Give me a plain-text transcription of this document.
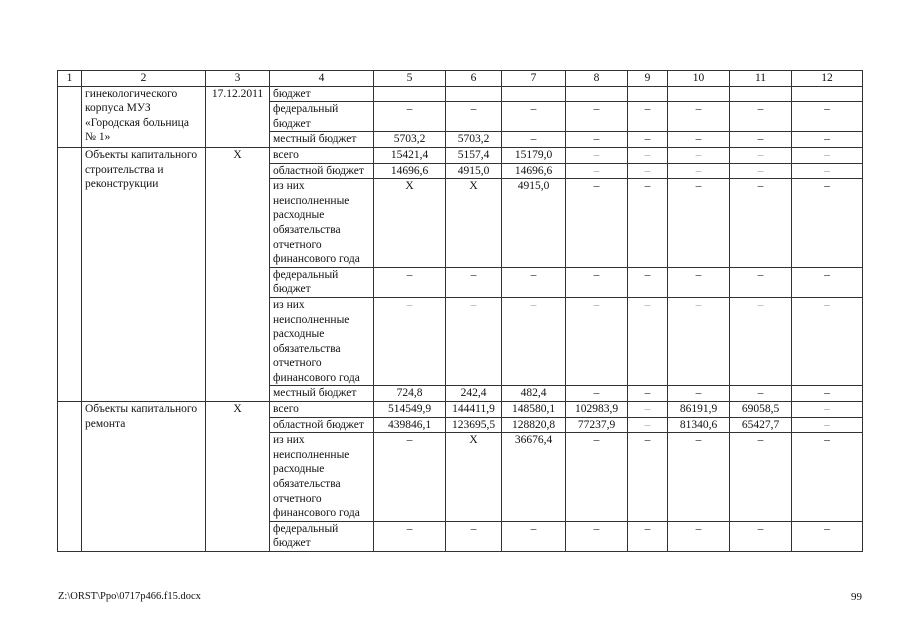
1	2	3	4	5	6	7	8	9	10	11	12
	гинекологического корпуса МУЗ «Городская больница № 1»	17.12.2011	бюджет								
			федеральный бюджет	–	–	–	–	–	–	–	–
			местный бюджет	5703,2	5703,2	–	–	–	–	–	–
	Объекты капитального строительства и реконструкции	Х	всего	15421,4	5157,4	15179,0	–	–	–	–	–
			областной бюджет	14696,6	4915,0	14696,6	–	–	–	–	–
			из них неисполненные расходные обязательства отчетного финансового года	Х	Х	4915,0	–	–	–	–	–
			федеральный бюджет	–	–	–	–	–	–	–	–
			из них неисполненные расходные обязательства отчетного финансового года	–	–	–	–	–	–	–	–
			местный бюджет	724,8	242,4	482,4	–	–	–	–	–
	Объекты капитального ремонта	Х	всего	514549,9	144411,9	148580,1	102983,9	–	86191,9	69058,5	–
			областной бюджет	439846,1	123695,5	128820,8	77237,9	–	81340,6	65427,7	–
			из них неисполненные расходные обязательства отчетного финансового года	–	Х	36676,4	–	–	–	–	–
			федеральный бюджет	–	–	–	–	–	–	–	–
Z:\ORST\Ppo\0717p466.f15.docx	99
